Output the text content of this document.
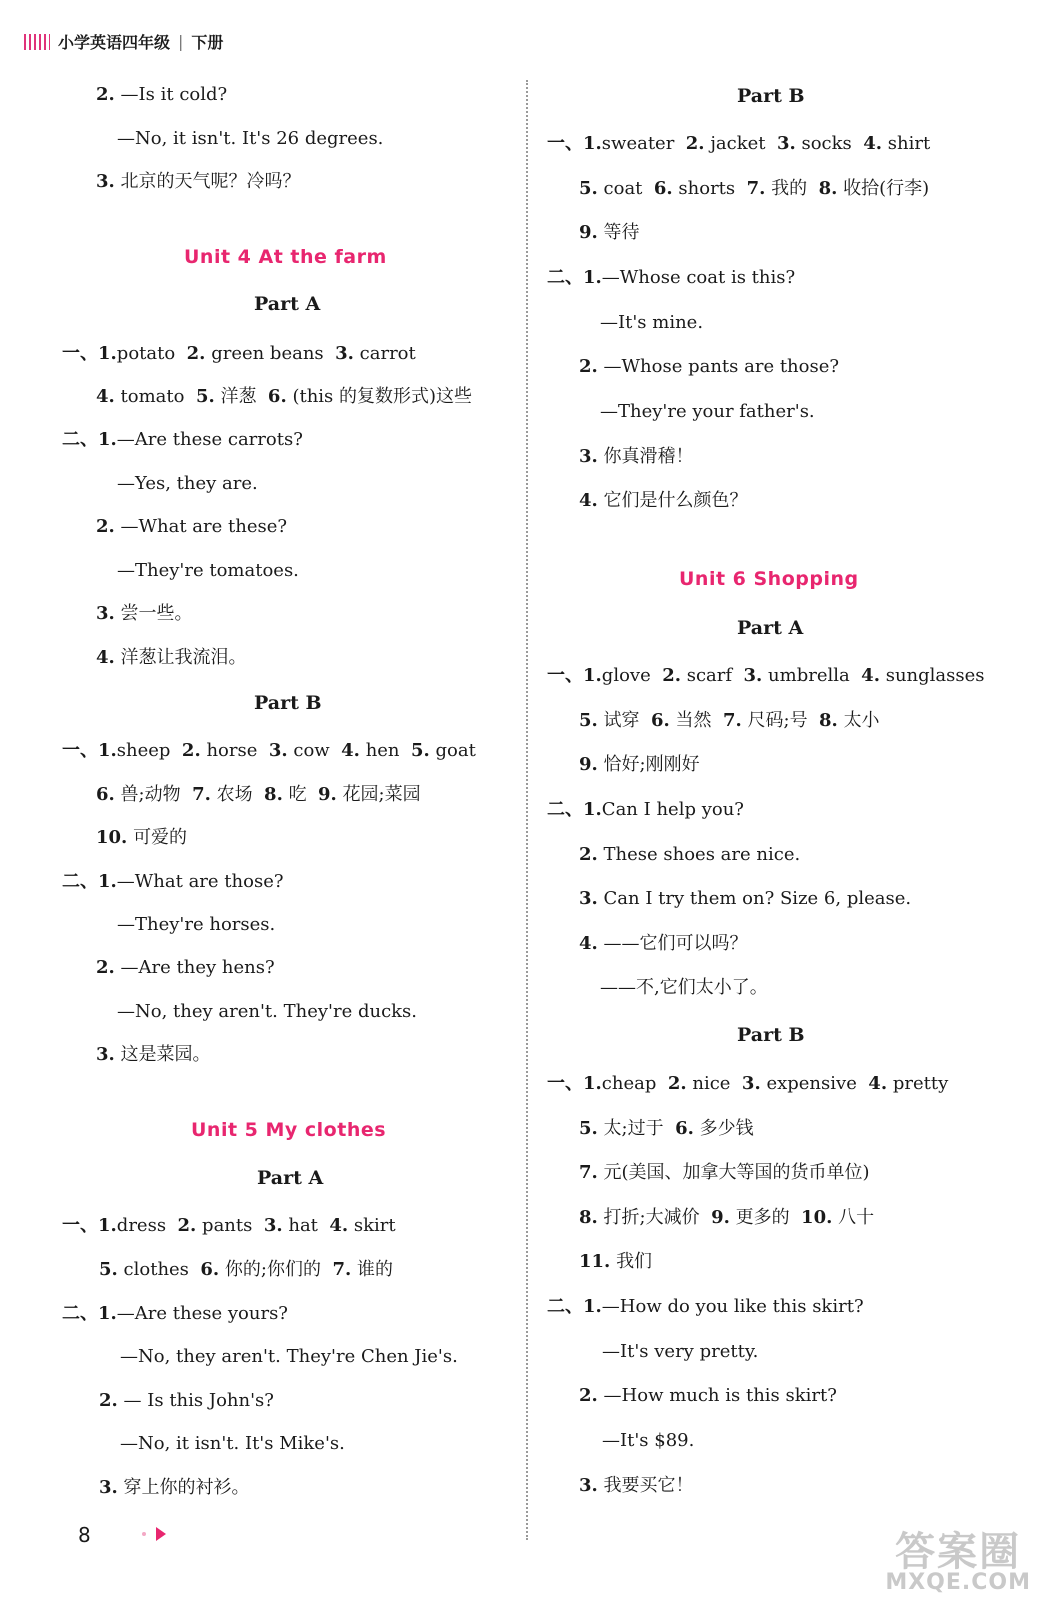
小学英语四年级 | 下册
2. —Is it cold?
—No, it isn't. It's 26 degrees.
3. 北京的天气呢？冷吗？
Unit 4 At the farm
Part A
一、1.potato 2. green beans 3. carrot
4. tomato 5. 洋葱 6. (this 的复数形式)这些
二、1.—Are these carrots?
—Yes, they are.
2. —What are these?
—They're tomatoes.
3. 尝一些。
4. 洋葱让我流泪。
Part B
一、1.sheep 2. horse 3. cow 4. hen 5. goat
6. 兽;动物 7. 农场 8. 吃 9. 花园;菜园
10. 可爱的
二、1.—What are those?
—They're horses.
2. —Are they hens?
—No, they aren't. They're ducks.
3. 这是菜园。
Unit 5 My clothes
Part A
一、1.dress 2. pants 3. hat 4. skirt
5. clothes 6. 你的;你们的 7. 谁的
二、1.—Are these yours?
—No, they aren't. They're Chen Jie's.
2. — Is this John's?
—No, it isn't. It's Mike's.
3. 穿上你的衬衫。
Part B
一、1.sweater 2. jacket 3. socks 4. shirt
5. coat 6. shorts 7. 我的 8. 收拾(行李)
9. 等待
二、1.—Whose coat is this?
—It's mine.
2. —Whose pants are those?
—They're your father's.
3. 你真滑稽！
4. 它们是什么颜色？
Unit 6 Shopping
Part A
一、1.glove 2. scarf 3. umbrella 4. sunglasses
5. 试穿 6. 当然 7. 尺码;号 8. 太小
9. 恰好;刚刚好
二、1.Can I help you?
2. These shoes are nice.
3. Can I try them on? Size 6, please.
4. ——它们可以吗？
——不,它们太小了。
Part B
一、1.cheap 2. nice 3. expensive 4. pretty
5. 太;过于 6. 多少钱
7. 元(美国、加拿大等国的货币单位)
8. 打折;大减价 9. 更多的 10. 八十
11. 我们
二、1.—How do you like this skirt?
—It's very pretty.
2. —How much is this skirt?
—It's $89.
3. 我要买它！
8	答案圈
MXQE.COM
